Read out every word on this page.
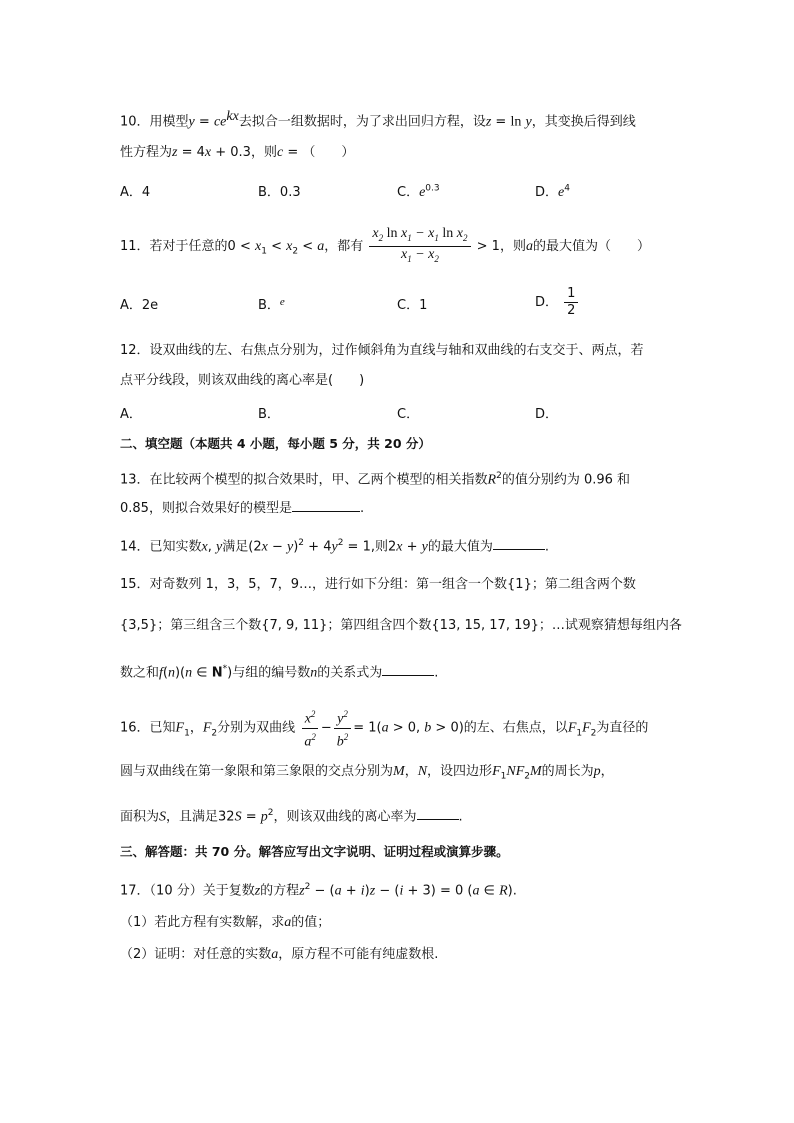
10．用模型$y = ce^{kx}$去拟合一组数据时，为了求出回归方程，设z = ln y，其变换后得到线
性方程为z = 4x + 0.3，则c = （　　）
A．4	B．0.3	C．$e^{0.3}$	D．$e^4$
11．若对于任意的$0 < x_1 < x_2 < a$，都有 $\frac{x_2 \ln x_1 - x_1 \ln x_2}{x_1 - x_2} > 1$，则a的最大值为（　　）
A．2e	B．$^e$	C．1	D． $\frac{1}{2}$
12．设双曲线的左、右焦点分别为，过作倾斜角为直线与轴和双曲线的右支交于、两点，若
点平分线段，则该双曲线的离心率是(　　)
A．	B．	C．	D．
二、填空题（本题共 4 小题，每小题 5 分，共 20 分）
13．在比较两个模型的拟合效果时，甲、乙两个模型的相关指数$R^2$的值分别约为 0.96 和
0.85，则拟合效果好的模型是	.
14．已知实数x, y满足$(2x - y)^2 + 4y^2 = 1$,则2x + y的最大值为	.
15．对奇数列 1，3，5，7，9…，进行如下分组：第一组含一个数{1}；第二组含两个数
{3,5}；第三组含三个数{7, 9, 11}；第四组含四个数{13, 15, 17, 19}；…试观察猜想每组内各
数之和f(n)(n ∈ N*)与组的编号数n的关系式为	.
16．已知$F_1$，$F_2$分别为双曲线 $\frac{x^2}{a^2} - \frac{y^2}{b^2} = 1(a > 0$, b > 0)的左、右焦点，以$F_1F_2$为直径的
圆与双曲线在第一象限和第三象限的交点分别为M，N，设四边形$F_1NF_2M$的周长为p，
面积为S，且满足$32S = p^2$，则该双曲线的离心率为	.
三、解答题：共 70 分。解答应写出文字说明、证明过程或演算步骤。
17．（10 分）关于复数z的方程$z^2 - (a + i)z - (i + 3) = 0$ (a ∈ R).
（1）若此方程有实数解，求a的值；
（2）证明：对任意的实数a，原方程不可能有纯虚数根.
